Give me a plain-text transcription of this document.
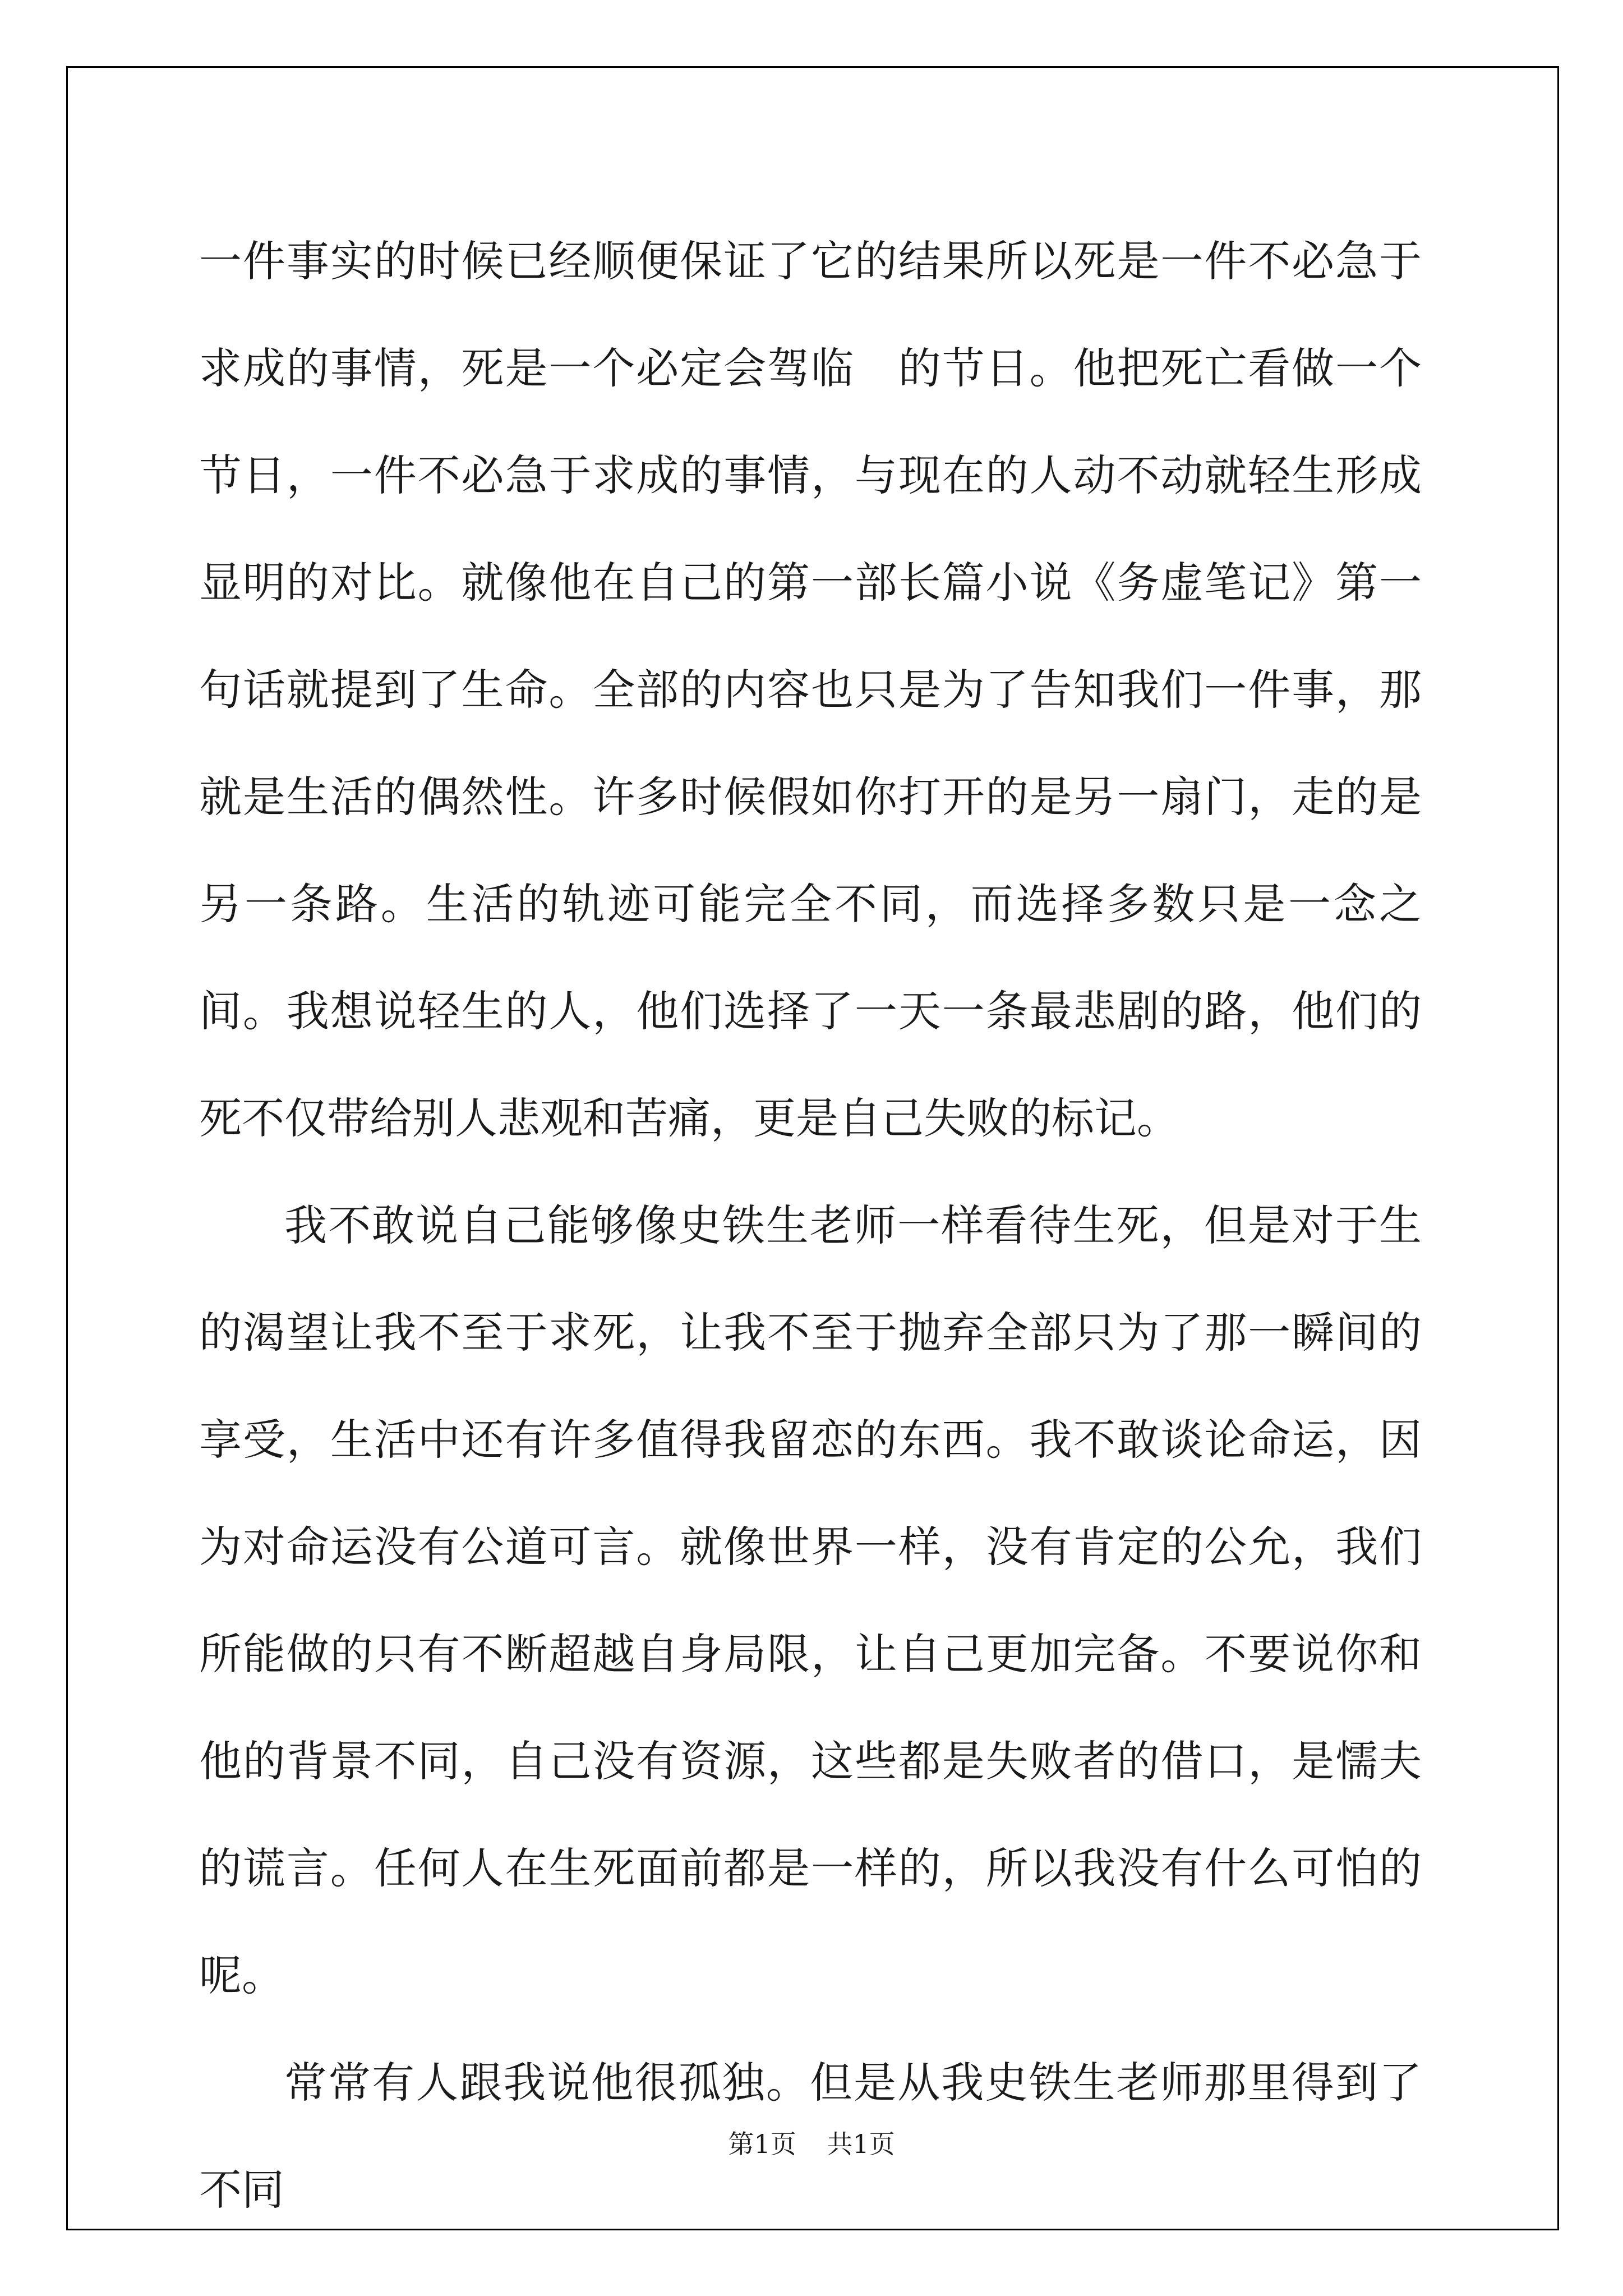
一件事实的时候已经顺便保证了它的结果所以死是一件不必急于求成的事情，死是一个必定会驾临　的节日。他把死亡看做一个节日，一件不必急于求成的事情，与现在的人动不动就轻生形成显明的对比。就像他在自己的第一部长篇小说《务虚笔记》第一句话就提到了生命。全部的内容也只是为了告知我们一件事，那就是生活的偶然性。许多时候假如你打开的是另一扇门，走的是另一条路。生活的轨迹可能完全不同，而选择多数只是一念之间。我想说轻生的人，他们选择了一天一条最悲剧的路，他们的死不仅带给别人悲观和苦痛，更是自己失败的标记。

我不敢说自己能够像史铁生老师一样看待生死，但是对于生的渴望让我不至于求死，让我不至于抛弃全部只为了那一瞬间的享受，生活中还有许多值得我留恋的东西。我不敢谈论命运，因为对命运没有公道可言。就像世界一样，没有肯定的公允，我们所能做的只有不断超越自身局限，让自己更加完备。不要说你和他的背景不同，自己没有资源，这些都是失败者的借口，是懦夫的谎言。任何人在生死面前都是一样的，所以我没有什么可怕的呢。

常常有人跟我说他很孤独。但是从我史铁生老师那里得到了不同

第1页 共1页
